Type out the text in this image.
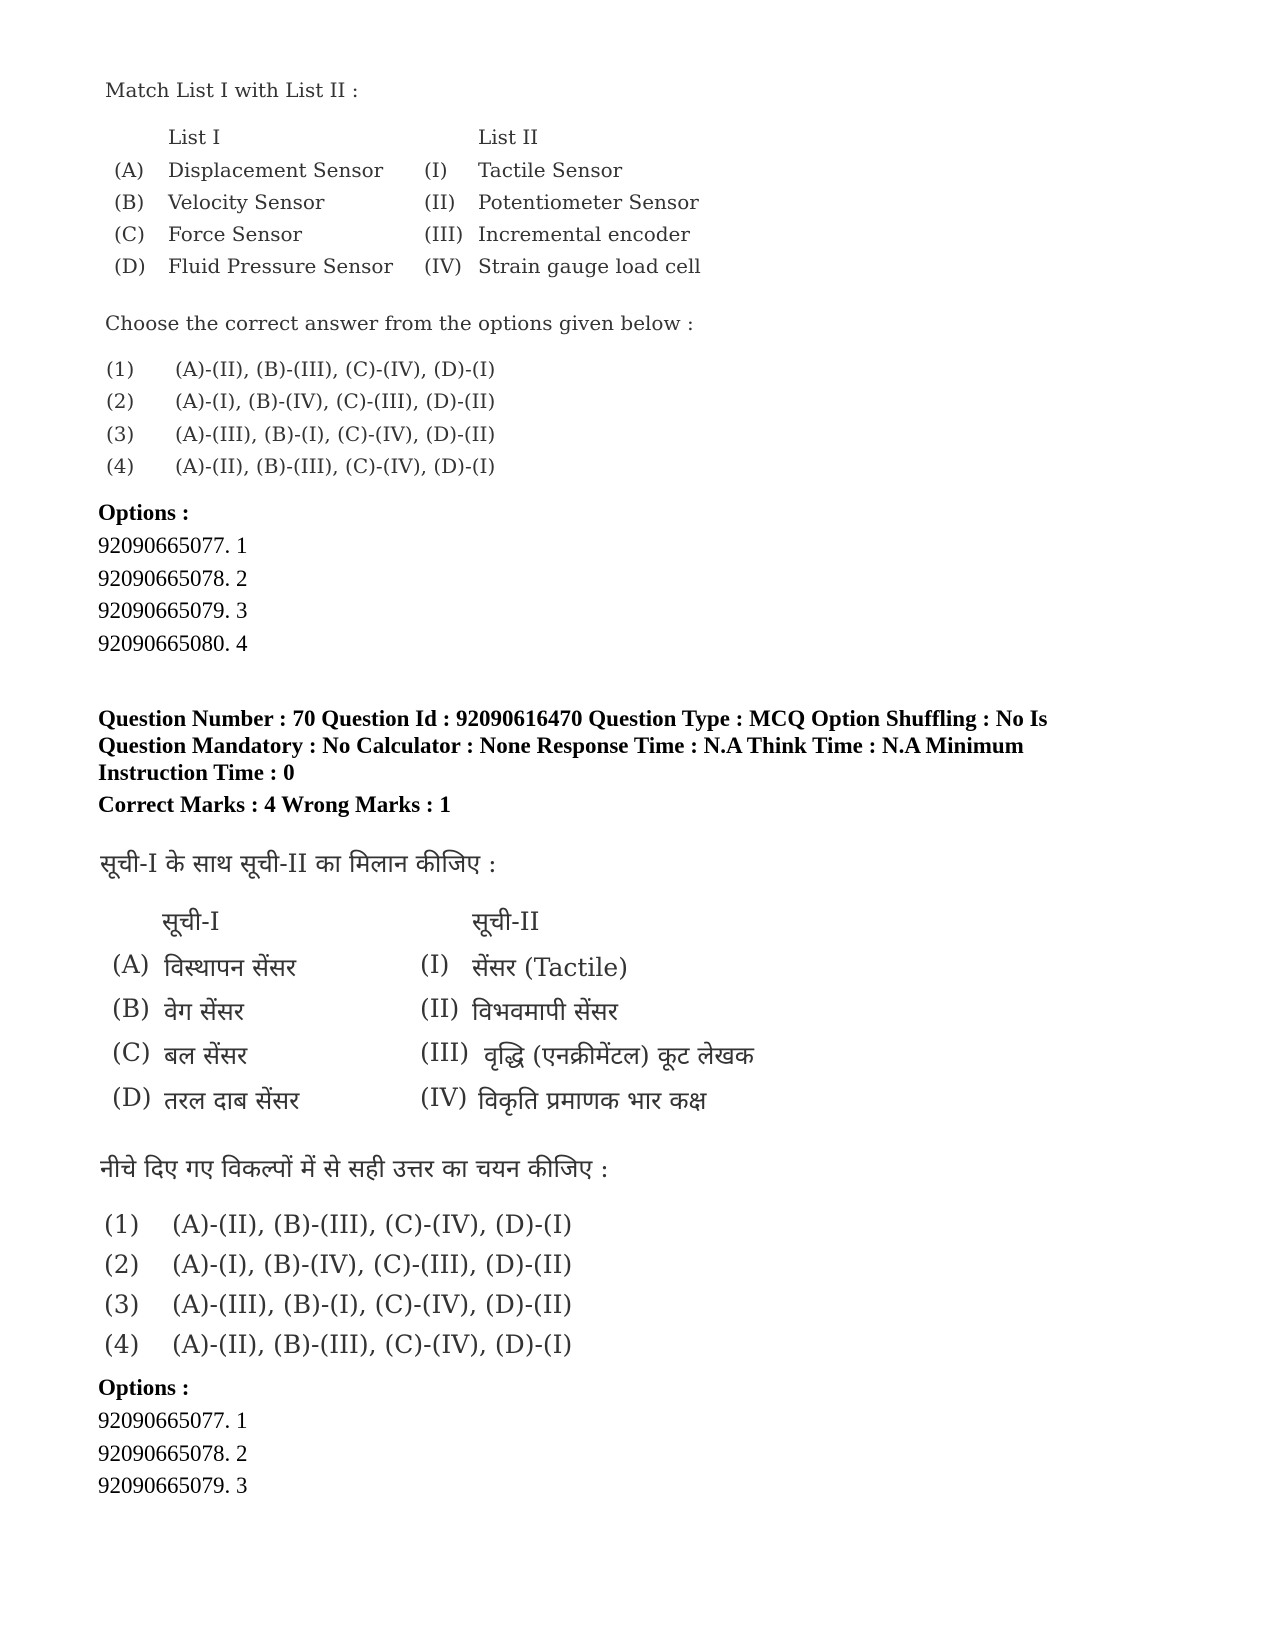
Match List I with List II :
List I	List II
(A) Displacement Sensor (I) Tactile Sensor
(B) Velocity Sensor	(II) Potentiometer Sensor
(C) Force Sensor	(III) Incremental encoder
(D) Fluid Pressure Sensor (IV) Strain gauge load cell
Choose the correct answer from the options given below :
(1) (A)-(II), (B)-(III), (C)-(IV), (D)-(I)
(2) (A)-(I), (B)-(IV), (C)-(III), (D)-(II)
(3) (A)-(III), (B)-(I), (C)-(IV), (D)-(II)
(4) (A)-(II), (B)-(III), (C)-(IV), (D)-(I)
Options :
92090665077. 1
92090665078. 2
92090665079. 3
92090665080. 4
Question Number : 70 Question Id : 92090616470 Question Type : MCQ Option Shuffling : No Is
Question Mandatory : No Calculator : None Response Time : N.A Think Time : N.A Minimum
Instruction Time : 0
Correct Marks : 4 Wrong Marks : 1
सूची-I के साथ सूची-II का मिलान कीजिए :
सूची-I	सूची-II
(A) विस्थापन सेंसर	(I) सेंसर (Tactile)
(B) वेग सेंसर	(II) विभवमापी सेंसर
(C) बल सेंसर	(III) वृद्धि (एनक्रीमेंटल) कूट लेखक
(D) तरल दाब सेंसर	(IV) विकृति प्रमाणक भार कक्ष
नीचे दिए गए विकल्पों में से सही उत्तर का चयन कीजिए :
(1) (A)-(II), (B)-(III), (C)-(IV), (D)-(I)
(2) (A)-(I), (B)-(IV), (C)-(III), (D)-(II)
(3) (A)-(III), (B)-(I), (C)-(IV), (D)-(II)
(4) (A)-(II), (B)-(III), (C)-(IV), (D)-(I)
Options :
92090665077. 1
92090665078. 2
92090665079. 3
